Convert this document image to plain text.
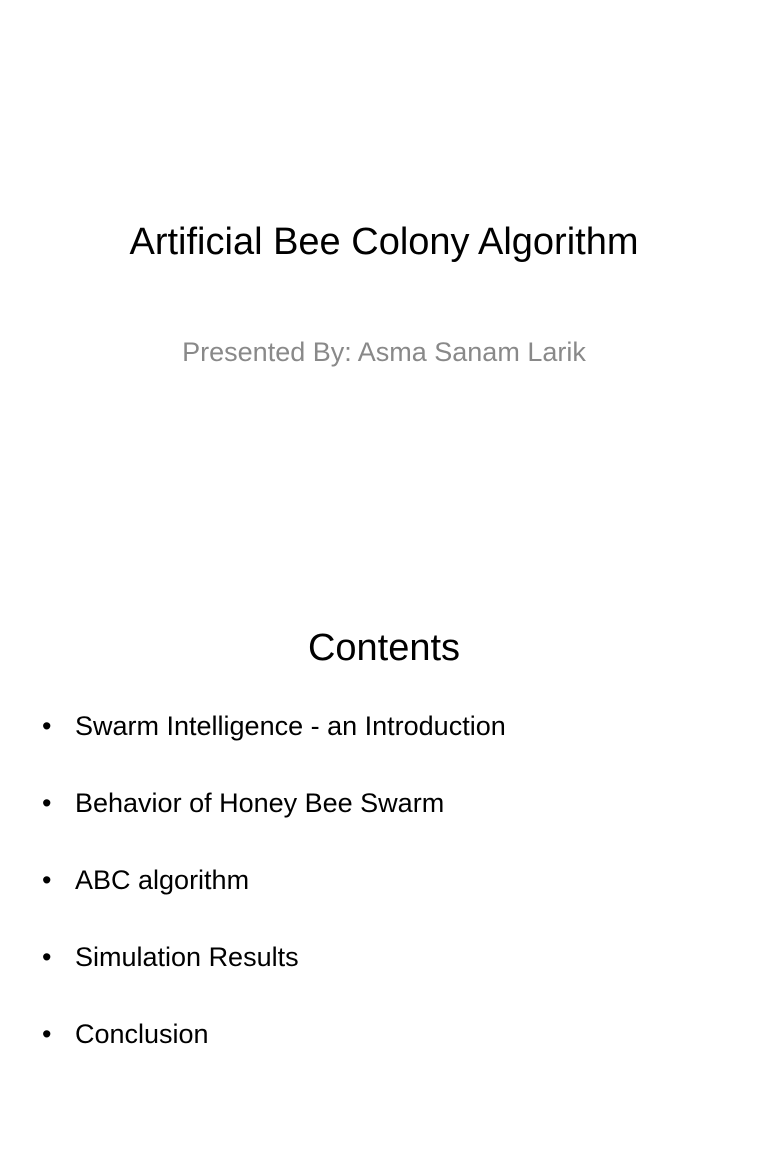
Artificial Bee Colony Algorithm
Presented By: Asma Sanam Larik
Contents
• Swarm Intelligence - an Introduction
• Behavior of Honey Bee Swarm
• ABC algorithm
• Simulation Results
• Conclusion
